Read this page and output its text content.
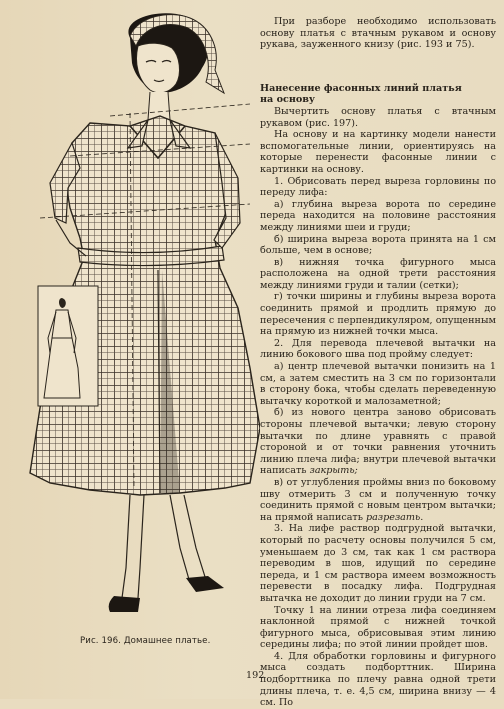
Рис. 196. Домашнее платье.

При разборе необходимо использовать основу платья с втачным рукавом и основу рукава, зауженного книзу (рис. 193 и 75).

Нанесение фасонных линий платья
на основу

Вычертить основу платья с втачным рукавом (рис. 197).

На основу и на картинку модели нанести вспомогательные линии, ориентируясь на которые перенести фасонные линии с картинки на основу.

1. Обрисовать перед выреза горловины по переду лифа:

а) глубина выреза ворота по середине переда находится на половине расстояния между линиями шеи и груди;

б) ширина выреза ворота принята на 1 см больше, чем в основе;

в) нижняя точка фигурного мыса расположена на одной трети расстояния между линиями груди и талии (сетки);

г) точки ширины и глубины выреза ворота соединить прямой и продлить прямую до пересечения с перпендикуляром, опущенным на прямую из нижней точки мыса.

2. Для перевода плечевой вытачки на линию бокового шва под пройму следует:

а) центр плечевой вытачки понизить на 1 см, а затем сместить на 3 см по горизонтали в сторону бока, чтобы сделать переведенную вытачку короткой и малозаметной;

б) из нового центра заново обрисовать стороны плечевой вытачки; левую сторону вытачки по длине уравнять с правой стороной и от точки равнения уточнить линию плеча лифа; внутри плечевой вытачки написать закрыть;

в) от углубления проймы вниз по боковому шву отмерить 3 см и полученную точку соединить прямой с новым центром вытачки; на прямой написать разрезать.

3. На лифе раствор подгрудной вытачки, который по расчету основы получился 5 см, уменьшаем до 3 см, так как 1 см раствора переводим в шов, идущий по середине переда, и 1 см раствора имеем возможность перевести в посадку лифа. Подгрудная вытачка не доходит до линии груди на 7 см.

Точку 1 на линии отреза лифа соединяем наклонной прямой с нижней точкой фигурного мыса, обрисовывая этим линию середины лифа; по этой линии пройдет шов.

4. Для обработки горловины и фигурного мыса создать подборттник. Ширина подборттника по плечу равна одной трети длины плеча, т. е. 4,5 см, ширина внизу — 4 см. По

192
